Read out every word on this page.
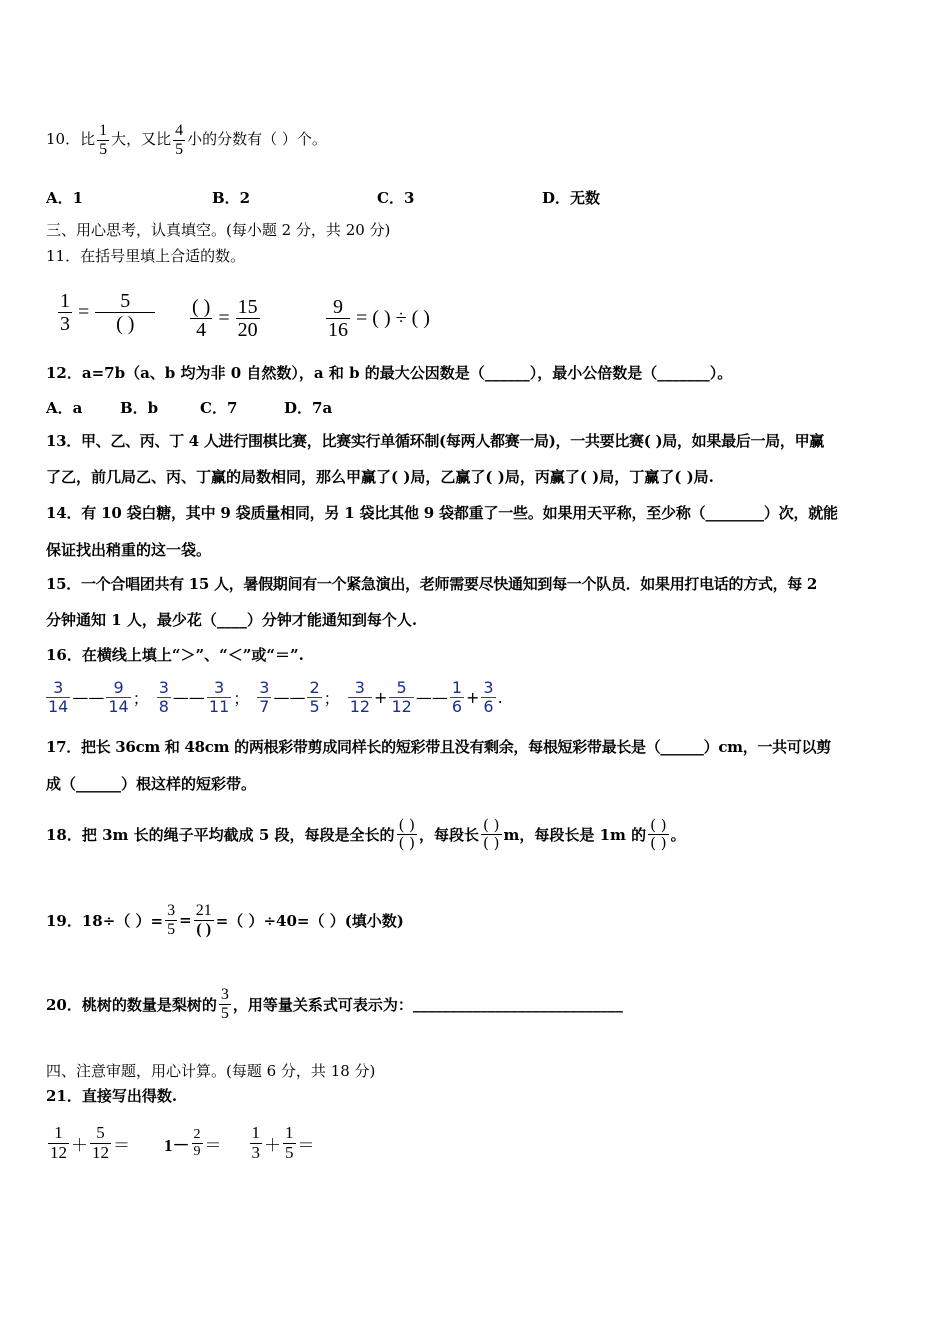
10．比 $\frac{1}{5}$ 大，又比 $\frac{4}{5}$ 小的分数有（ ）个。
A．1	B．2	C．3	D．无数
三、用心思考，认真填空。(每小题 2 分，共 20 分)
11．在括号里填上合适的数。
$\frac{1}{3} = \frac{5}{( )} \frac{( )}{4} = \frac{15}{20}$	$\frac{9}{16}$ = ( ) ÷ ( )
12．a=7b（a、b 均为非 0 自然数），a 和 b 的最大公因数是（______），最小公倍数是（_______）。
A．a	B．b	C．7	D．7a
13．甲、乙、丙、丁 4 人进行围棋比赛，比赛实行单循环制(每两人都赛一局)，一共要比赛( )局，如果最后一局，甲赢
了乙，前几局乙、丙、丁赢的局数相同，那么甲赢了( )局，乙赢了( )局，丙赢了( )局，丁赢了( )局.
14．有 10 袋白糖，其中 9 袋质量相同，另 1 袋比其他 9 袋都重了一些。如果用天平称，至少称（________）次，就能
保证找出稍重的这一袋。
15．一个合唱团共有 15 人，暑假期间有一个紧急演出，老师需要尽快通知到每一个队员．如果用打电话的方式，每 2
分钟通知 1 人，最少花（____）分钟才能通知到每个人.
16．在横线上填上“＞”、“＜”或“＝”.
$\frac{3}{14}$ —— $\frac{9}{14}$ ； $\frac{3}{8}$ —— $\frac{3}{11}$ ； $\frac{3}{7}$ —— $\frac{2}{5}$ ； $\frac{3}{12} + \frac{5}{12}$ —— $\frac{1}{6} + \frac{3}{6}$ .
17．把长 36cm 和 48cm 的两根彩带剪成同样长的短彩带且没有剩余，每根短彩带最长是（______）cm，一共可以剪
成（______）根这样的短彩带。
18．把 3m 长的绳子平均截成 5 段，每段是全长的 $\frac{( )}{( )}$ ，每段长 $\frac{( )}{( )}$ m，每段长是 1m 的 $\frac{( )}{( )}$ 。
19．18÷（ ）= $\frac{3}{5} = \frac{21}{( )}$ =（ ）÷40=（ ）(填小数)
20．桃树的数量是梨树的 $\frac{3}{5}$ ，用等量关系式可表示为： ____________________________
四、注意审题，用心计算。(每题 6 分，共 18 分)
21．直接写出得数.
$\frac{1}{12} + \frac{5}{12} = 1- \frac{2}{9} = \frac{1}{3} + \frac{1}{5}$ ＝
